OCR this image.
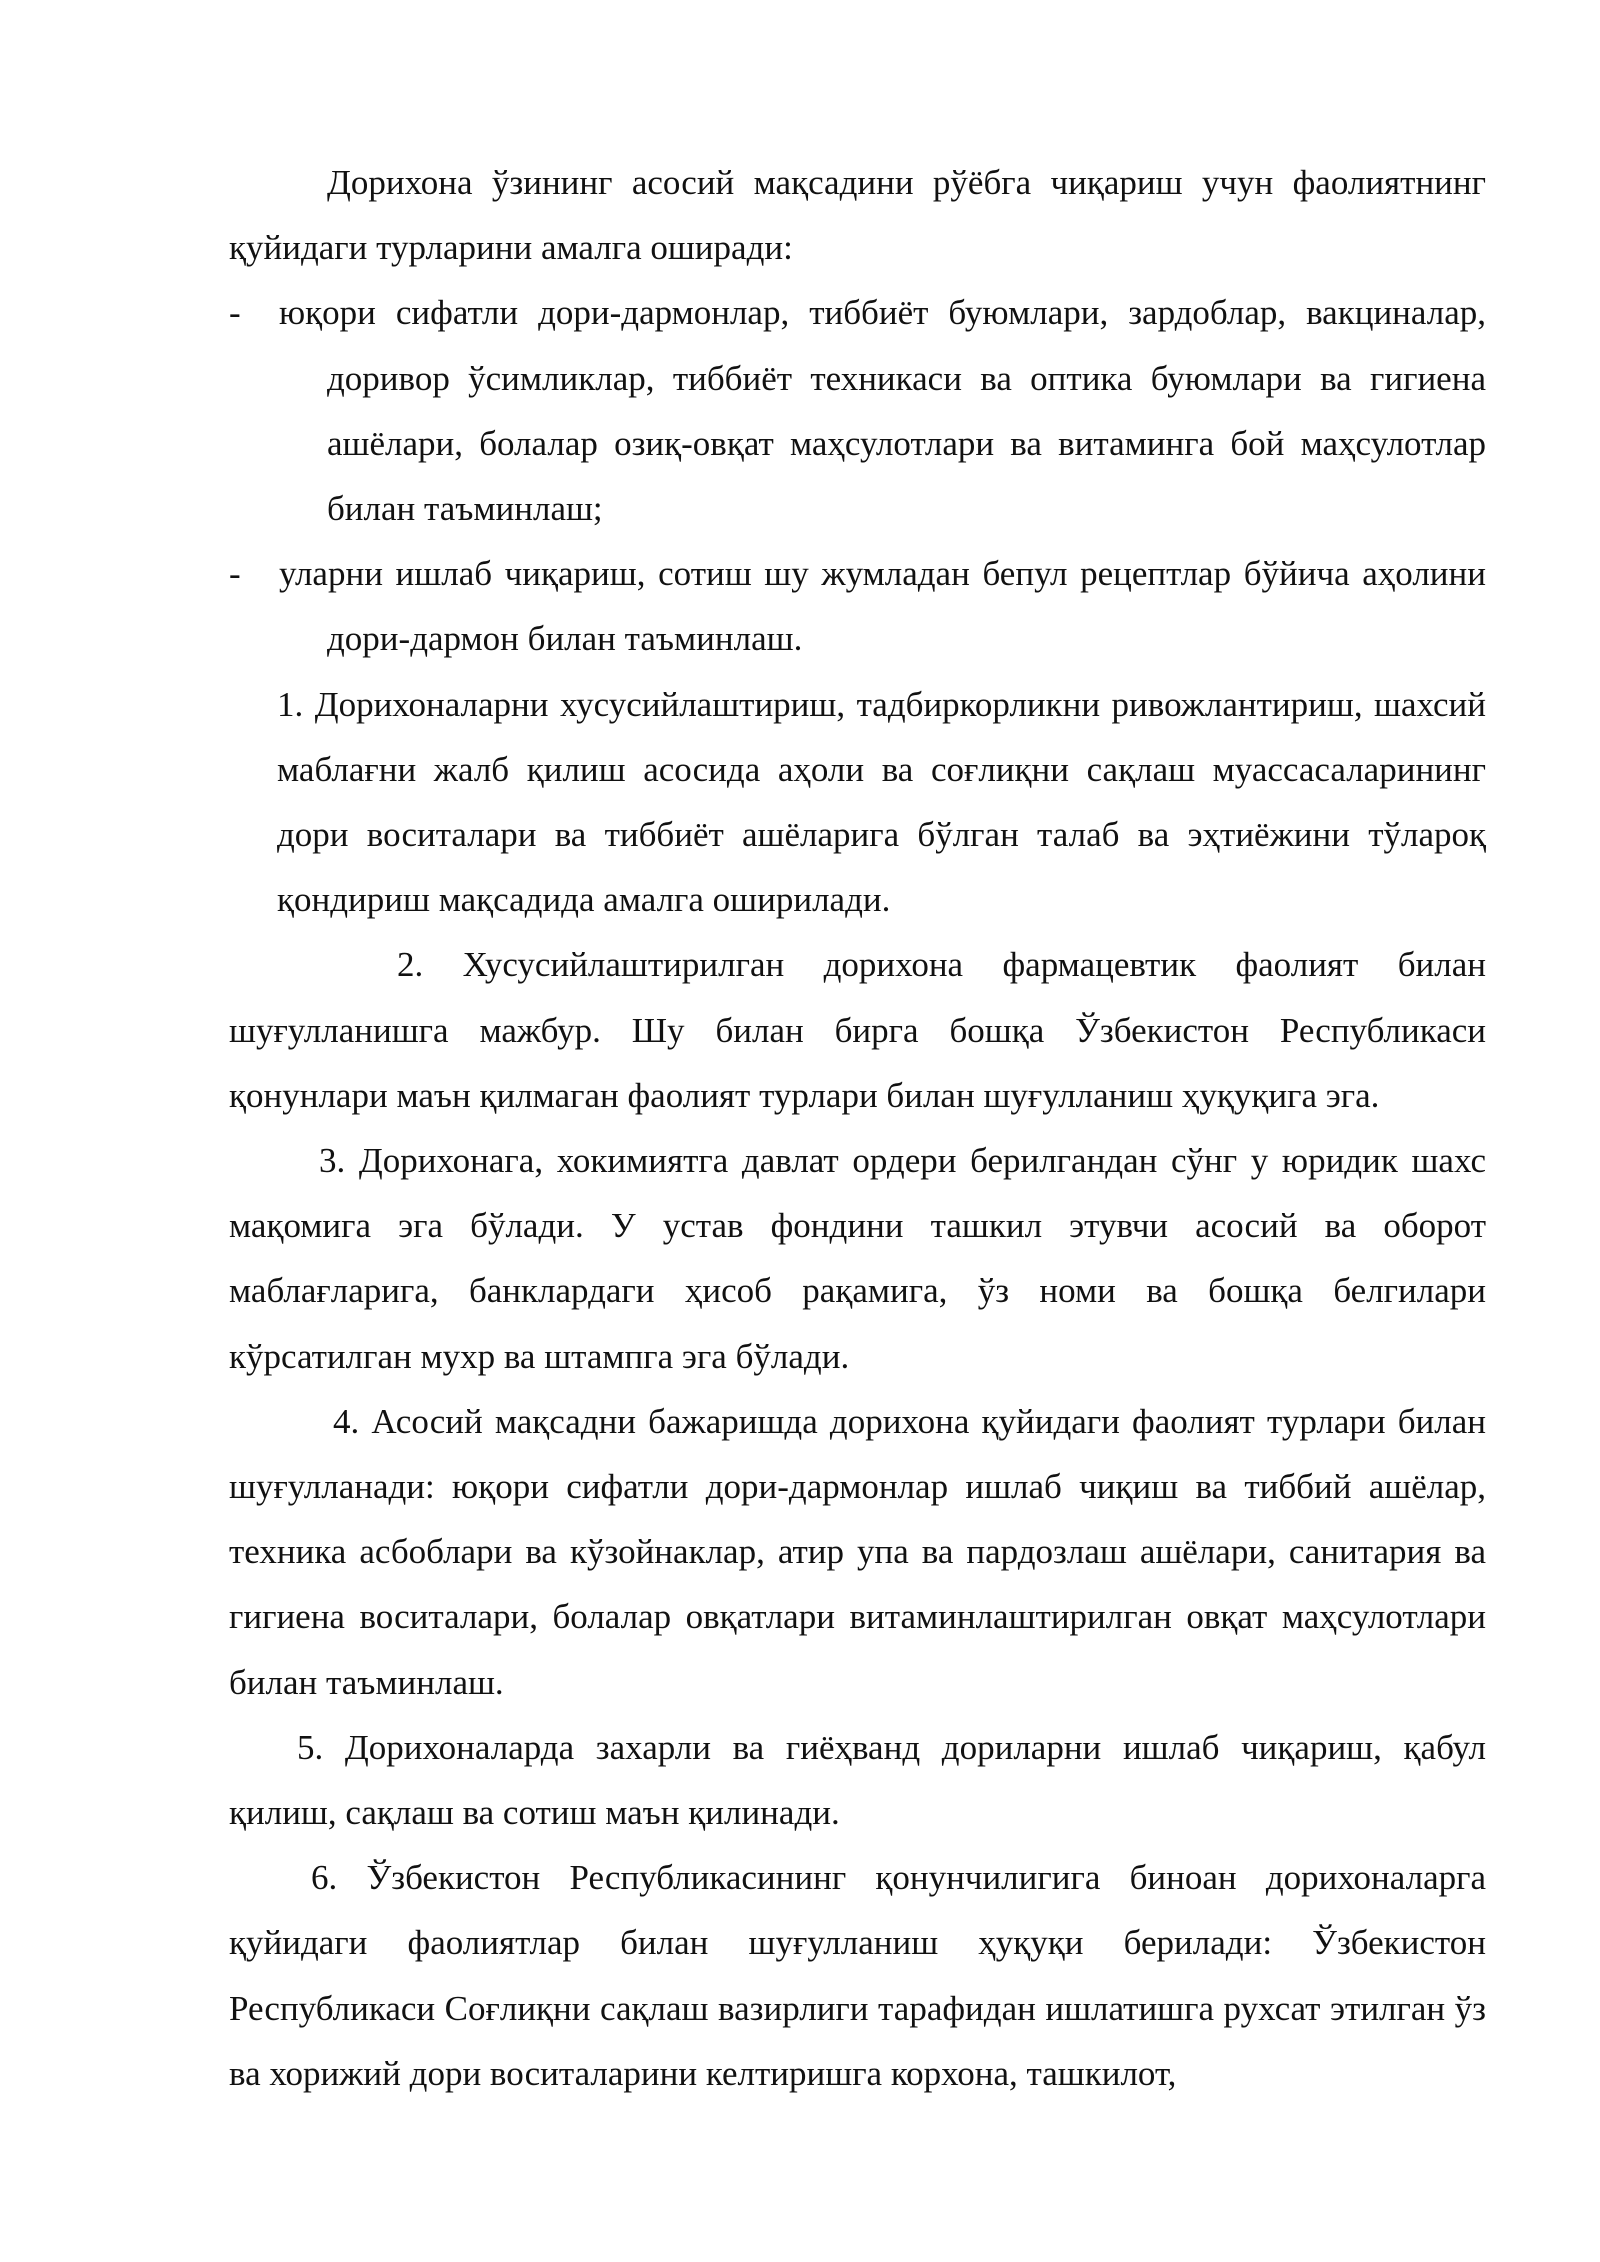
Дорихона ўзининг асосий мақсадини рўёбга чиқариш учун фаолиятнинг қуйидаги турларини амалга оширади:

- юқори сифатли дори-дармонлар, тиббиёт буюмлари, зардоблар, вакциналар, доривор ўсимликлар, тиббиёт техникаси ва оптика буюмлари ва гигиена ашёлари, болалар озиқ-овқат маҳсулотлари ва витаминга бой маҳсулотлар билан таъминлаш;

- уларни ишлаб чиқариш, сотиш шу жумладан бепул рецептлар бўйича аҳолини дори-дармон билан таъминлаш.

1. Дорихоналарни хусусийлаштириш, тадбиркорликни ривожлантириш, шахсий маблағни жалб қилиш асосида аҳоли ва соғлиқни сақлаш муассасаларининг дори воситалари ва тиббиёт ашёларига бўлган талаб ва эҳтиёжини тўлароқ қондириш мақсадида амалга оширилади.

2. Хусусийлаштирилган дорихона фармацевтик фаолият билан шуғулланишга мажбур. Шу билан бирга бошқа Ўзбекистон Республикаси қонунлари маън қилмаган фаолият турлари билан шуғулланиш ҳуқуқига эга.

3. Дорихонага, хокимиятга давлат ордери берилгандан сўнг у юридик шахс мақомига эга бўлади. У устав фондини ташкил этувчи асосий ва оборот маблағларига, банклардаги ҳисоб рақамига, ўз номи ва бошқа белгилари кўрсатилган мухр ва штампга эга бўлади.

4. Асосий мақсадни бажаришда дорихона қуйидаги фаолият турлари билан шуғулланади: юқори сифатли дори-дармонлар ишлаб чиқиш ва тиббий ашёлар, техника асбоблари ва кўзойнаклар, атир упа ва пардозлаш ашёлари, санитария ва гигиена воситалари, болалар овқатлари витаминлаштирилган овқат маҳсулотлари билан таъминлаш.

5. Дорихоналарда захарли ва гиёҳванд дориларни ишлаб чиқариш, қабул қилиш, сақлаш ва сотиш маън қилинади.

6. Ўзбекистон Республикасининг қонунчилигига биноан дорихоналарга қуйидаги фаолиятлар билан шуғулланиш ҳуқуқи берилади: Ўзбекистон Республикаси Соғлиқни сақлаш вазирлиги тарафидан ишлатишга рухсат этилган ўз ва хорижий дори воситаларини келтиришга корхона, ташкилот,
